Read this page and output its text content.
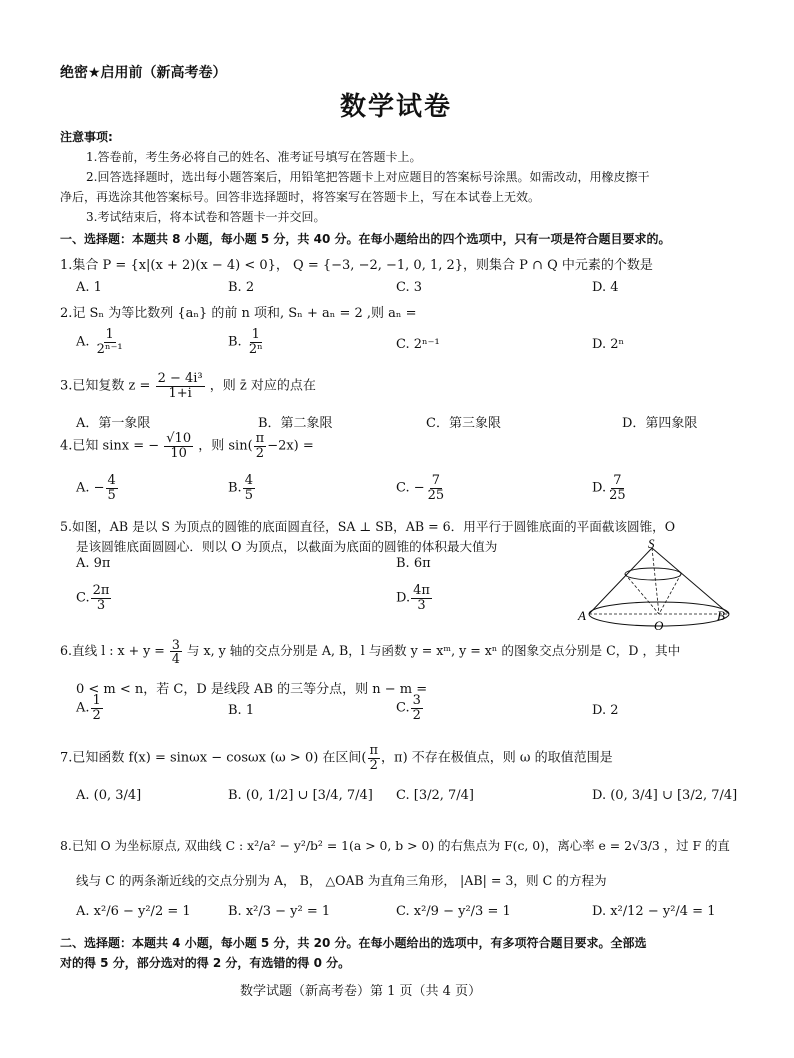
绝密★启用前（新高考卷）
数学试卷
注意事项:
1.答卷前，考生务必将自己的姓名、准考证号填写在答题卡上。
2.回答选择题时，选出每小题答案后，用铅笔把答题卡上对应题目的答案标号涂黑。如需改动，用橡皮擦干
净后，再选涂其他答案标号。回答非选择题时，将答案写在答题卡上，写在本试卷上无效。
3.考试结束后，将本试卷和答题卡一并交回。
一、选择题：本题共 8 小题，每小题 5 分，共 40 分。在每小题给出的四个选项中，只有一项是符合题目要求的。
1.集合 P = {x|(x + 2)(x − 4) < 0}， Q = {−3, −2, −1, 0, 1, 2}，则集合 P ∩ Q 中元素的个数是
A. 1	B. 2	C. 3	D. 4
2.记 Sₙ 为等比数列 {aₙ} 的前 n 项和, Sₙ + aₙ = 2 ,则 aₙ =
A. $\frac{1}{\text{2ⁿ⁻¹}}$	B. $\frac{1}{\text{2ⁿ}}$	C. 2ⁿ⁻¹	D. 2ⁿ
3.已知复数 $z = \frac{\text{2 − 4i³}}{1+i}$ ，则 z̄ 对应的点在
A．第一象限	B．第二象限	C．第三象限	D．第四象限
4.已知 sinx = − $\frac{√10}{10}$ ，则 $\sin( \frac{\pi}{2} -2x)$ =
A. − $\frac{4}{5}$	B. $\frac{4}{5}$	C. − $\frac{7}{25}$	D. $\frac{7}{25}$
5.如图，AB 是以 S 为顶点的圆锥的底面圆直径，SA ⊥ SB，AB = 6．用平行于圆锥底面的平面截该圆锥，O
是该圆锥底面圆圆心．则以 O 为顶点，以截面为底面的圆锥的体积最大值为
A. 9π	B. 6π
C. $\frac{2\pi}{3}$	D. $\frac{4\pi}{3}$
S
A	B
O
6.直线 l : $x + y = \frac{3}{4}$ 与 x, y 轴的交点分别是 A, B，l 与函数 y = xᵐ, y = xⁿ 的图象交点分别是 C，D ，其中
0 < m < n，若 C，D 是线段 AB 的三等分点，则 n − m =
A. $\frac{1}{2}$	B. 1	C. $\frac{3}{2}$	D. 2
7.已知函数 f(x) = sinωx − cosωx (ω > 0) 在区间( $\frac{\pi}{2}$ ，π) 不存在极值点，则 ω 的取值范围是
A. (0, 3/4]	B. (0, 1/2] ∪ [3/4, 7/4] C. [3/2, 7/4]	D. (0, 3/4] ∪ [3/2, 7/4]
8.已知 O 为坐标原点, 双曲线 C : x²/a² − y²/b² = 1(a > 0, b > 0) 的右焦点为 F(c, 0)，离心率 e = 2√3/3 ，过 F 的直
线与 C 的两条渐近线的交点分别为 A， B， △OAB 为直角三角形， |AB| = 3，则 C 的方程为
A. x²/6 − y²/2 = 1	B. x²/3 − y² = 1	C. x²/9 − y²/3 = 1	D. x²/12 − y²/4 = 1
二、选择题：本题共 4 小题，每小题 5 分，共 20 分。在每小题给出的选项中，有多项符合题目要求。全部选
对的得 5 分，部分选对的得 2 分，有选错的得 0 分。
数学试题（新高考卷）第 1 页（共 4 页）
